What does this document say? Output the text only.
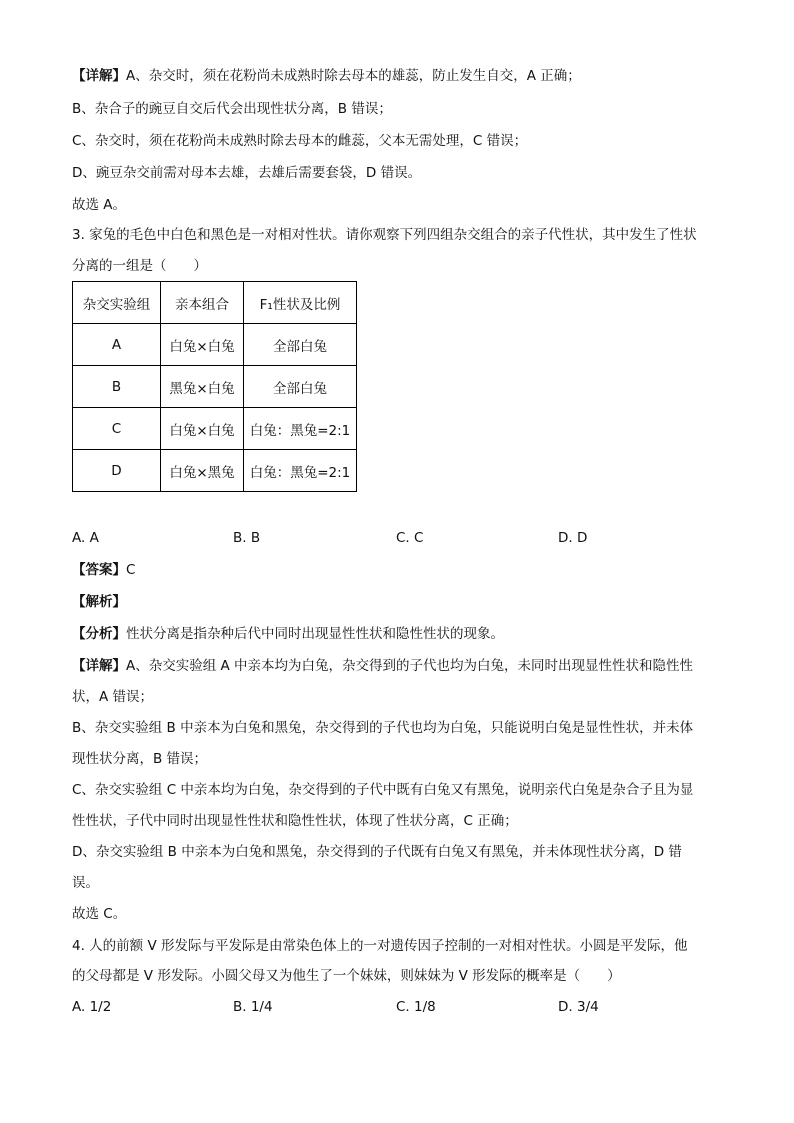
【详解】A、杂交时，须在花粉尚未成熟时除去母本的雄蕊，防止发生自交，A 正确；
B、杂合子的豌豆自交后代会出现性状分离，B 错误；
C、杂交时，须在花粉尚未成熟时除去母本的雌蕊，父本无需处理，C 错误；
D、豌豆杂交前需对母本去雄，去雄后需要套袋，D 错误。
故选 A。
3. 家兔的毛色中白色和黑色是一对相对性状。请你观察下列四组杂交组合的亲子代性状，其中发生了性状
分离的一组是（　　）
杂交实验组	亲本组合	F₁性状及比例
A	白兔×白兔	全部白兔
B	黑兔×白兔	全部白兔
C	白兔×白兔	白兔：黑兔=2:1
D	白兔×黑兔	白兔：黑兔=2:1
A. A	B. B	C. C	D. D
【答案】C
【解析】
【分析】性状分离是指杂种后代中同时出现显性性状和隐性性状的现象。
【详解】A、杂交实验组 A 中亲本均为白兔，杂交得到的子代也均为白兔，未同时出现显性性状和隐性性
状，A 错误；
B、杂交实验组 B 中亲本为白兔和黑兔，杂交得到的子代也均为白兔，只能说明白兔是显性性状，并未体
现性状分离，B 错误；
C、杂交实验组 C 中亲本均为白兔，杂交得到的子代中既有白兔又有黑兔，说明亲代白兔是杂合子且为显
性性状，子代中同时出现显性性状和隐性性状，体现了性状分离，C 正确；
D、杂交实验组 B 中亲本为白兔和黑兔，杂交得到的子代既有白兔又有黑兔，并未体现性状分离，D 错
误。
故选 C。
4. 人的前额 V 形发际与平发际是由常染色体上的一对遗传因子控制的一对相对性状。小圆是平发际，他
的父母都是 V 形发际。小圆父母又为他生了一个妹妹，则妹妹为 V 形发际的概率是（　　）
A. 1/2	B. 1/4	C. 1/8	D. 3/4
